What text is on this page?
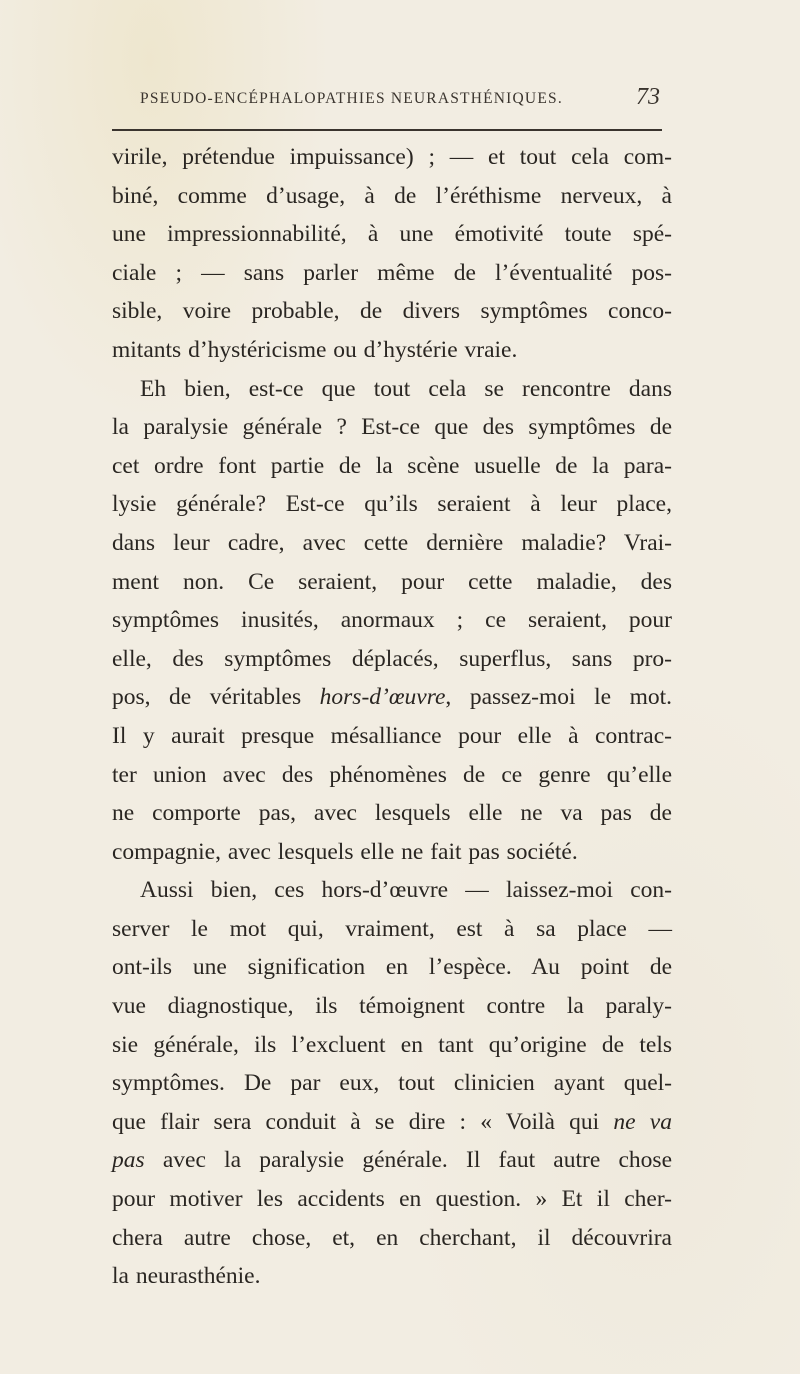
PSEUDO-ENCÉPHALOPATHIES NEURASTHÉNIQUES.	73
virile, prétendue impuissance) ; — et tout cela com-
biné, comme d’usage, à de l’éréthisme nerveux, à
une impressionnabilité, à une émotivité toute spé-
ciale ; — sans parler même de l’éventualité pos-
sible, voire probable, de divers symptômes conco-
mitants d’hystéricisme ou d’hystérie vraie.
Eh bien, est-ce que tout cela se rencontre dans
la paralysie générale ? Est-ce que des symptômes de
cet ordre font partie de la scène usuelle de la para-
lysie générale? Est-ce qu’ils seraient à leur place,
dans leur cadre, avec cette dernière maladie? Vrai-
ment non. Ce seraient, pour cette maladie, des
symptômes inusités, anormaux ; ce seraient, pour
elle, des symptômes déplacés, superflus, sans pro-
pos, de véritables hors-d’œuvre, passez-moi le mot.
Il y aurait presque mésalliance pour elle à contrac-
ter union avec des phénomènes de ce genre qu’elle
ne comporte pas, avec lesquels elle ne va pas de
compagnie, avec lesquels elle ne fait pas société.
Aussi bien, ces hors-d’œuvre — laissez-moi con-
server le mot qui, vraiment, est à sa place —
ont-ils une signification en l’espèce. Au point de
vue diagnostique, ils témoignent contre la paraly-
sie générale, ils l’excluent en tant qu’origine de tels
symptômes. De par eux, tout clinicien ayant quel-
que flair sera conduit à se dire : « Voilà qui ne va
pas avec la paralysie générale. Il faut autre chose
pour motiver les accidents en question. » Et il cher-
chera autre chose, et, en cherchant, il découvrira
la neurasthénie.
